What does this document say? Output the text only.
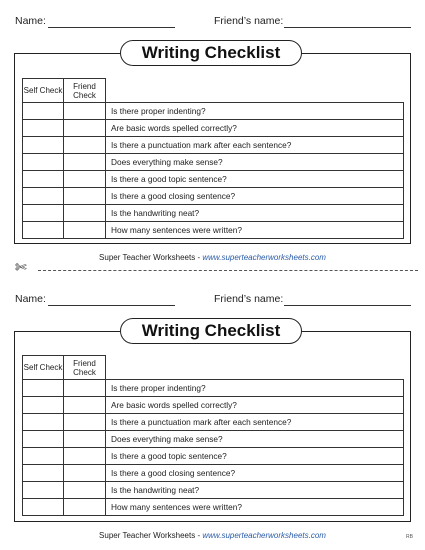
Name:	Friend’s name:
Writing Checklist
Self Check	Friend Check	
		Is there proper indenting?
		Are basic words spelled correctly?
		Is there a punctuation mark after each sentence?
		Does everything make sense?
		Is there a good topic sentence?
		Is there a good closing sentence?
		Is the handwriting neat?
		How many sentences were written?
Super Teacher Worksheets - www.superteacherworksheets.com
✄
Name:	Friend’s name:
Writing Checklist
Self Check	Friend Check	
		Is there proper indenting?
		Are basic words spelled correctly?
		Is there a punctuation mark after each sentence?
		Does everything make sense?
		Is there a good topic sentence?
		Is there a good closing sentence?
		Is the handwriting neat?
		How many sentences were written?
Super Teacher Worksheets - www.superteacherworksheets.com	RB
